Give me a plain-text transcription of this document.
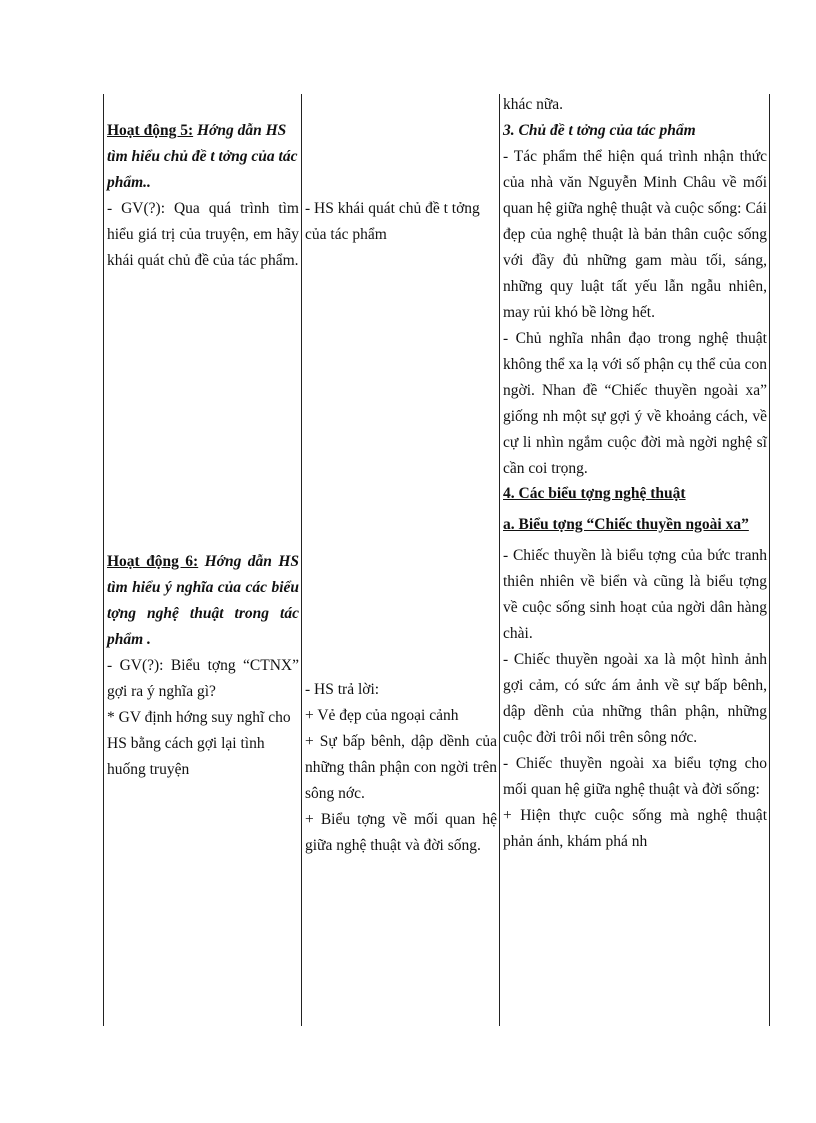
Hoạt động 5: Hớng dẫn HS tìm hiểu chủ đề t tởng của tác phẩm..

- GV(?): Qua quá trình tìm hiểu giá trị của truyện, em hãy khái quát chủ đề của tác phẩm.

Hoạt động 6: Hớng dẫn HS tìm hiểu ý nghĩa của các biểu tợng nghệ thuật trong tác phẩm .

- GV(?): Biểu tợng “CTNX” gợi ra ý nghĩa gì?

* GV định hớng suy nghĩ cho HS bằng cách gợi lại tình huống truyện

- HS khái quát chủ đề t tởng của tác phẩm

- HS trả lời:

+ Vẻ đẹp của ngoại cảnh

+ Sự bấp bênh, dập dềnh của những thân phận con ngời trên sông nớc.

+ Biểu tợng về mối quan hệ giữa nghệ thuật và đời sống.

khác nữa.

3. Chủ đề t tởng của tác phẩm

- Tác phẩm thể hiện quá trình nhận thức của nhà văn Nguyễn Minh Châu về mối quan hệ giữa nghệ thuật và cuộc sống: Cái đẹp của nghệ thuật là bản thân cuộc sống với đầy đủ những gam màu tối, sáng, những quy luật tất yếu lẫn ngẫu nhiên, may rủi khó bề lờng hết.

- Chủ nghĩa nhân đạo trong nghệ thuật không thể xa lạ với số phận cụ thể của con ngời. Nhan đề “Chiếc thuyền ngoài xa” giống nh một sự gợi ý về khoảng cách, về cự li nhìn ngắm cuộc đời mà ngời nghệ sĩ cần coi trọng.

4. Các biểu tợng nghệ thuật

a. Biểu tợng “Chiếc thuyền ngoài xa”

- Chiếc thuyền là biểu tợng của bức tranh thiên nhiên về biển và cũng là biểu tợng về cuộc sống sinh hoạt của ngời dân hàng chài.

- Chiếc thuyền ngoài xa là một hình ảnh gợi cảm, có sức ám ảnh về sự bấp bênh, dập dềnh của những thân phận, những cuộc đời trôi nổi trên sông nớc.

- Chiếc thuyền ngoài xa biểu tợng cho mối quan hệ giữa nghệ thuật và đời sống:

+ Hiện thực cuộc sống mà nghệ thuật phản ánh, khám phá nh
